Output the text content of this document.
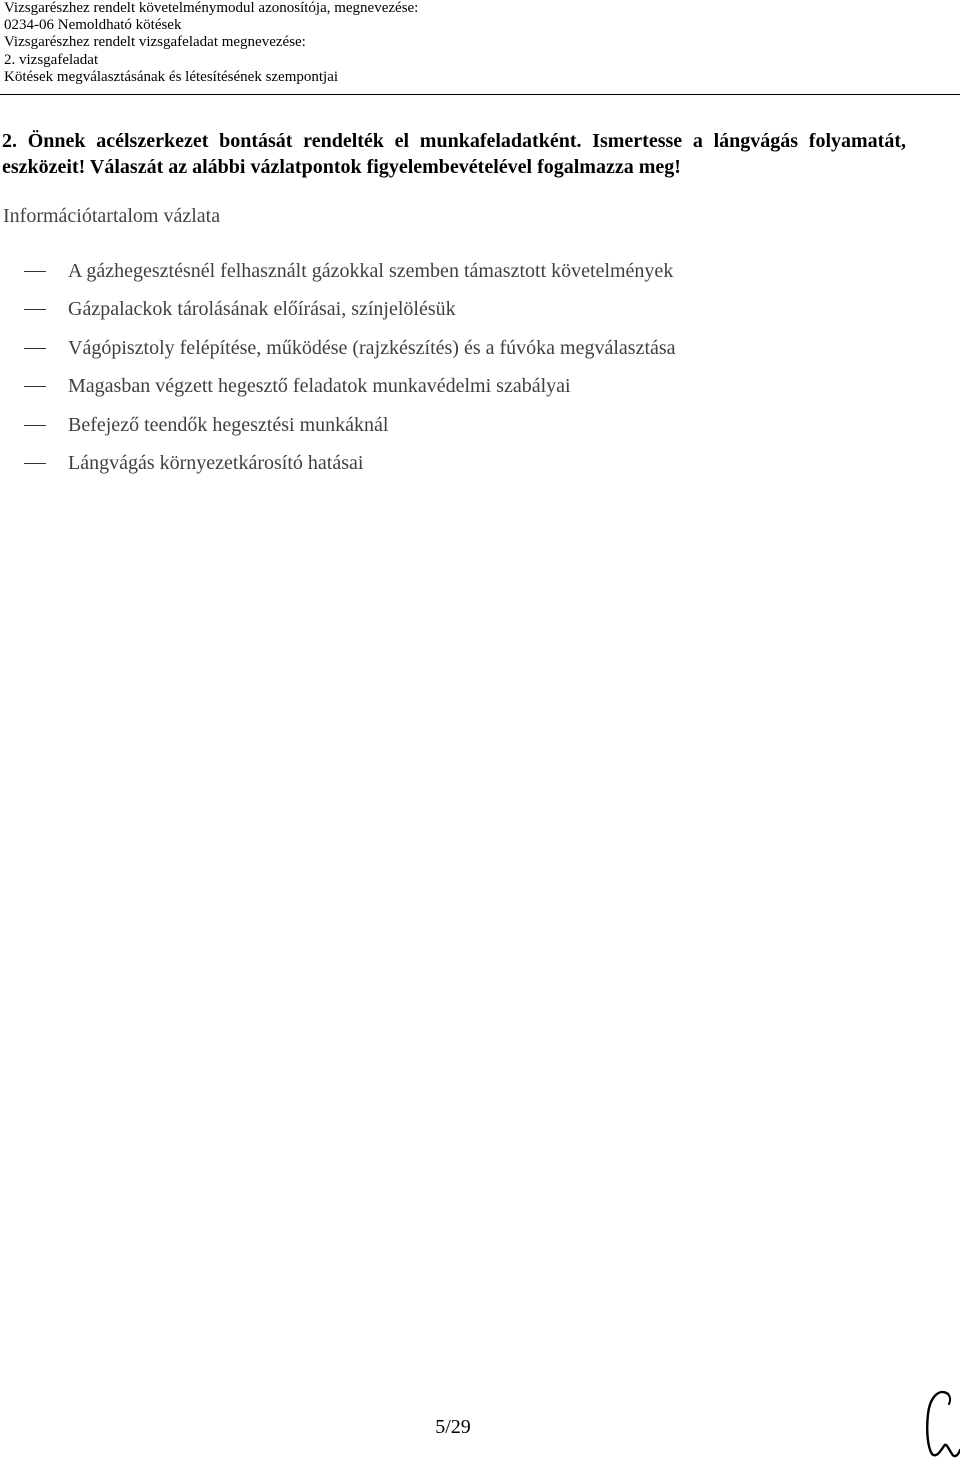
Vizsgarészhez rendelt követelménymodul azonosítója, megnevezése:
0234-06 Nemoldható kötések
Vizsgarészhez rendelt vizsgafeladat megnevezése:
2. vizsgafeladat
Kötések megválasztásának és létesítésének szempontjai
2. Önnek acélszerkezet bontását rendelték el munkafeladatként. Ismertesse a lángvágás folyamatát, eszközeit! Válaszát az alábbi vázlatpontok figyelembevételével fogalmazza meg!
Információtartalom vázlata
A gázhegesztésnél felhasznált gázokkal szemben támasztott követelmények
Gázpalackok tárolásának előírásai, színjelölésük
Vágópisztoly felépítése, működése (rajzkészítés) és a fúvóka megválasztása
Magasban végzett hegesztő feladatok munkavédelmi szabályai
Befejező teendők hegesztési munkáknál
Lángvágás környezetkárosító hatásai
5/29
